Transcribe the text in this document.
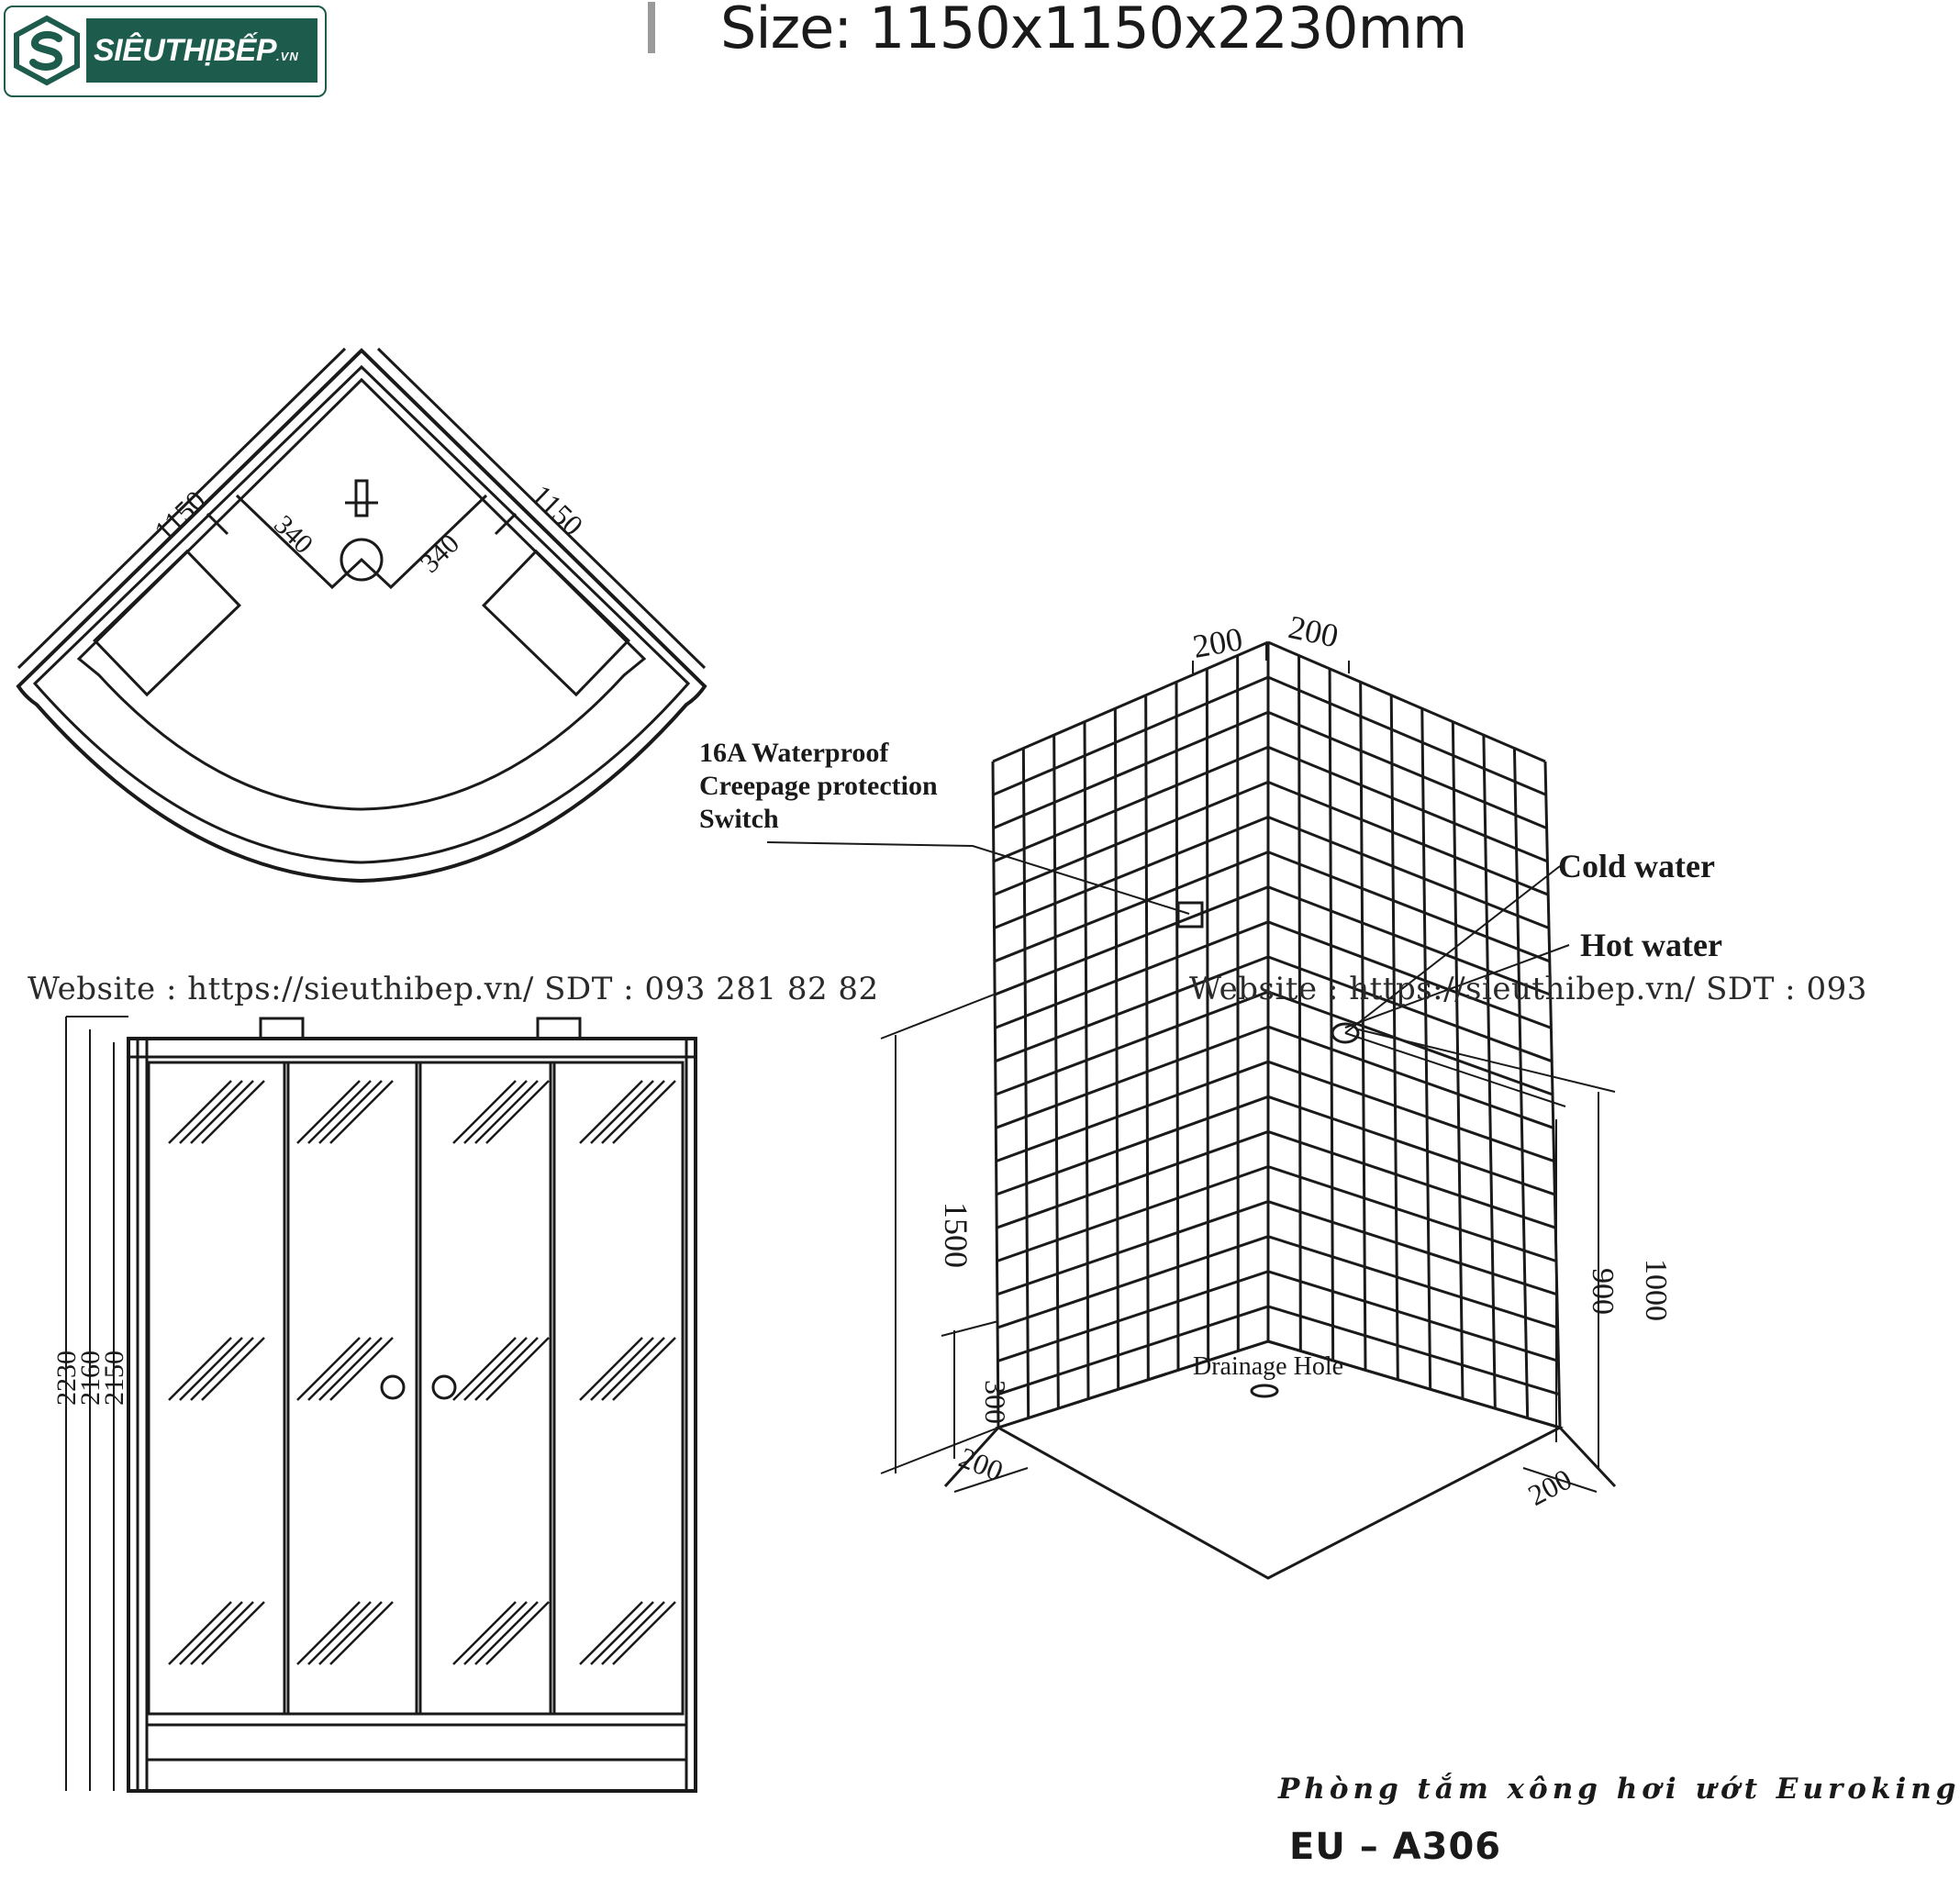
SIÊUTHỊBẾP.VN	Size: 1150x1150x2230mm
1150	1150
340	340
2230
2160
2150
200 200
16A Waterproof Creepage protection Switch
Cold water
Hot water
1500
900 1000
300
Drainage Hole
200	200
Website : https://sieuthibep.vn/ SDT : 093 281 82 82	Website : https://sieuthibep.vn/ SDT : 093
Phòng tắm xông hơi ướt Euroking
EU – A306
